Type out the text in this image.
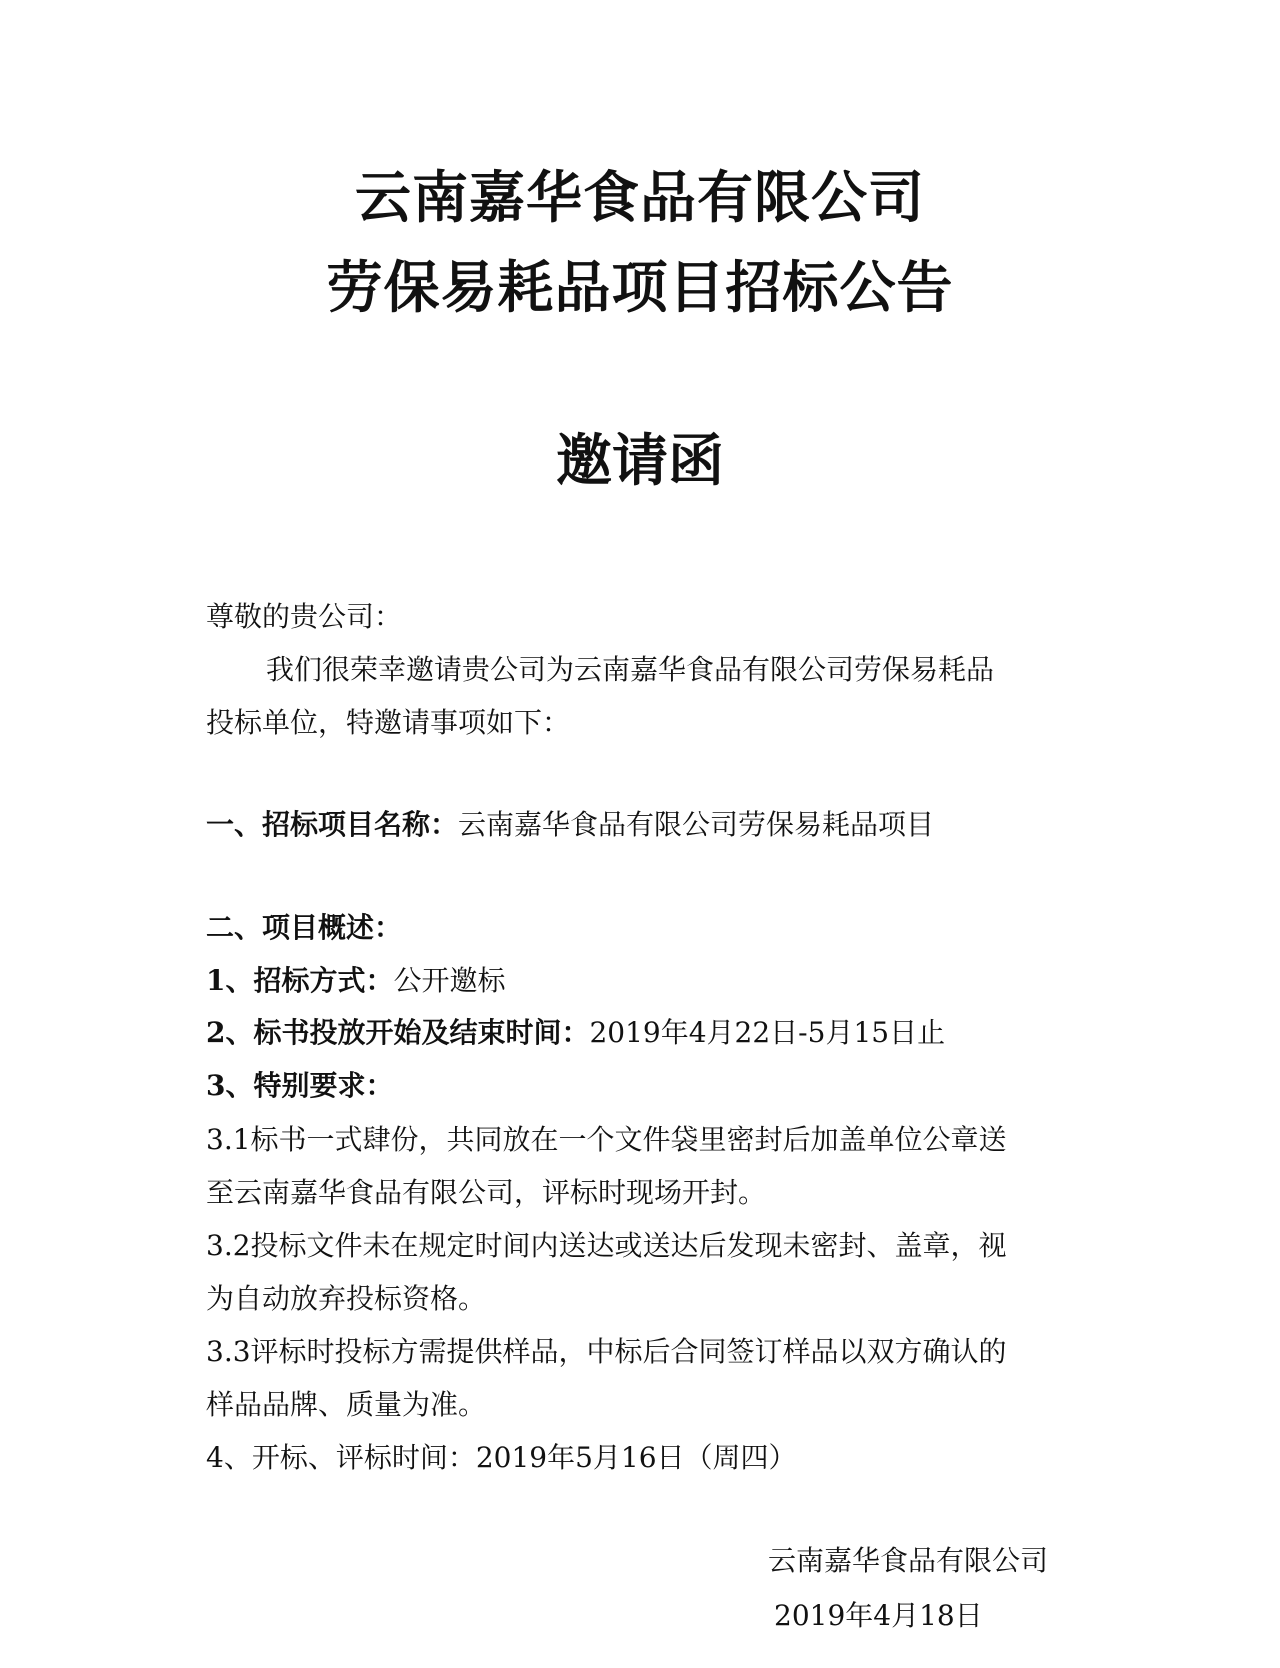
云南嘉华食品有限公司
劳保易耗品项目招标公告
邀请函
尊敬的贵公司：
我们很荣幸邀请贵公司为云南嘉华食品有限公司劳保易耗品
投标单位，特邀请事项如下：
一、招标项目名称：云南嘉华食品有限公司劳保易耗品项目
二、项目概述：
1、招标方式：公开邀标
2、标书投放开始及结束时间：2019年4月22日-5月15日止
3、特别要求：
3.1标书一式肆份，共同放在一个文件袋里密封后加盖单位公章送
至云南嘉华食品有限公司，评标时现场开封。
3.2投标文件未在规定时间内送达或送达后发现未密封、盖章，视
为自动放弃投标资格。
3.3评标时投标方需提供样品，中标后合同签订样品以双方确认的
样品品牌、质量为准。
4、开标、评标时间：2019年5月16日（周四）
云南嘉华食品有限公司
2019年4月18日
